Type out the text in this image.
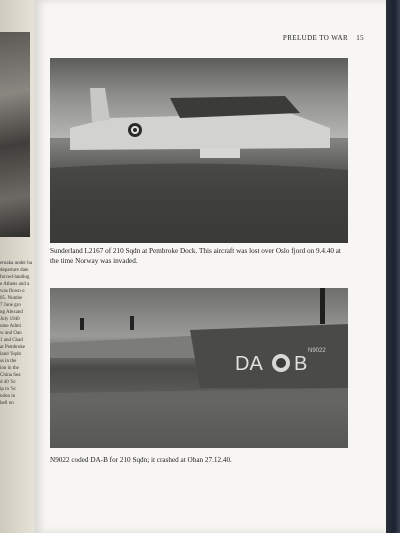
ernaka under ba
departure date
forced-landing
e Athens and a
was flown o
05. Numbe
7 June gro
ng Alexand
July 1940
ome Admi
w and Oan
1 and Chad
at Pembroke
land 'Sqdn
ss in the
ion in the
China Sea
d 40 'Sc
ip in 'Sc
ndon in
bell on
PRELUDE TO WAR 15
Sunderland L2167 of 210 Sqdn at Pembroke Dock. This aircraft was lost over Oslo fjord on 9.4.40 at the time Norway was invaded.
DA B
N9022
N9022 coded DA-B for 210 Sqdn; it crashed at Oban 27.12.40.
